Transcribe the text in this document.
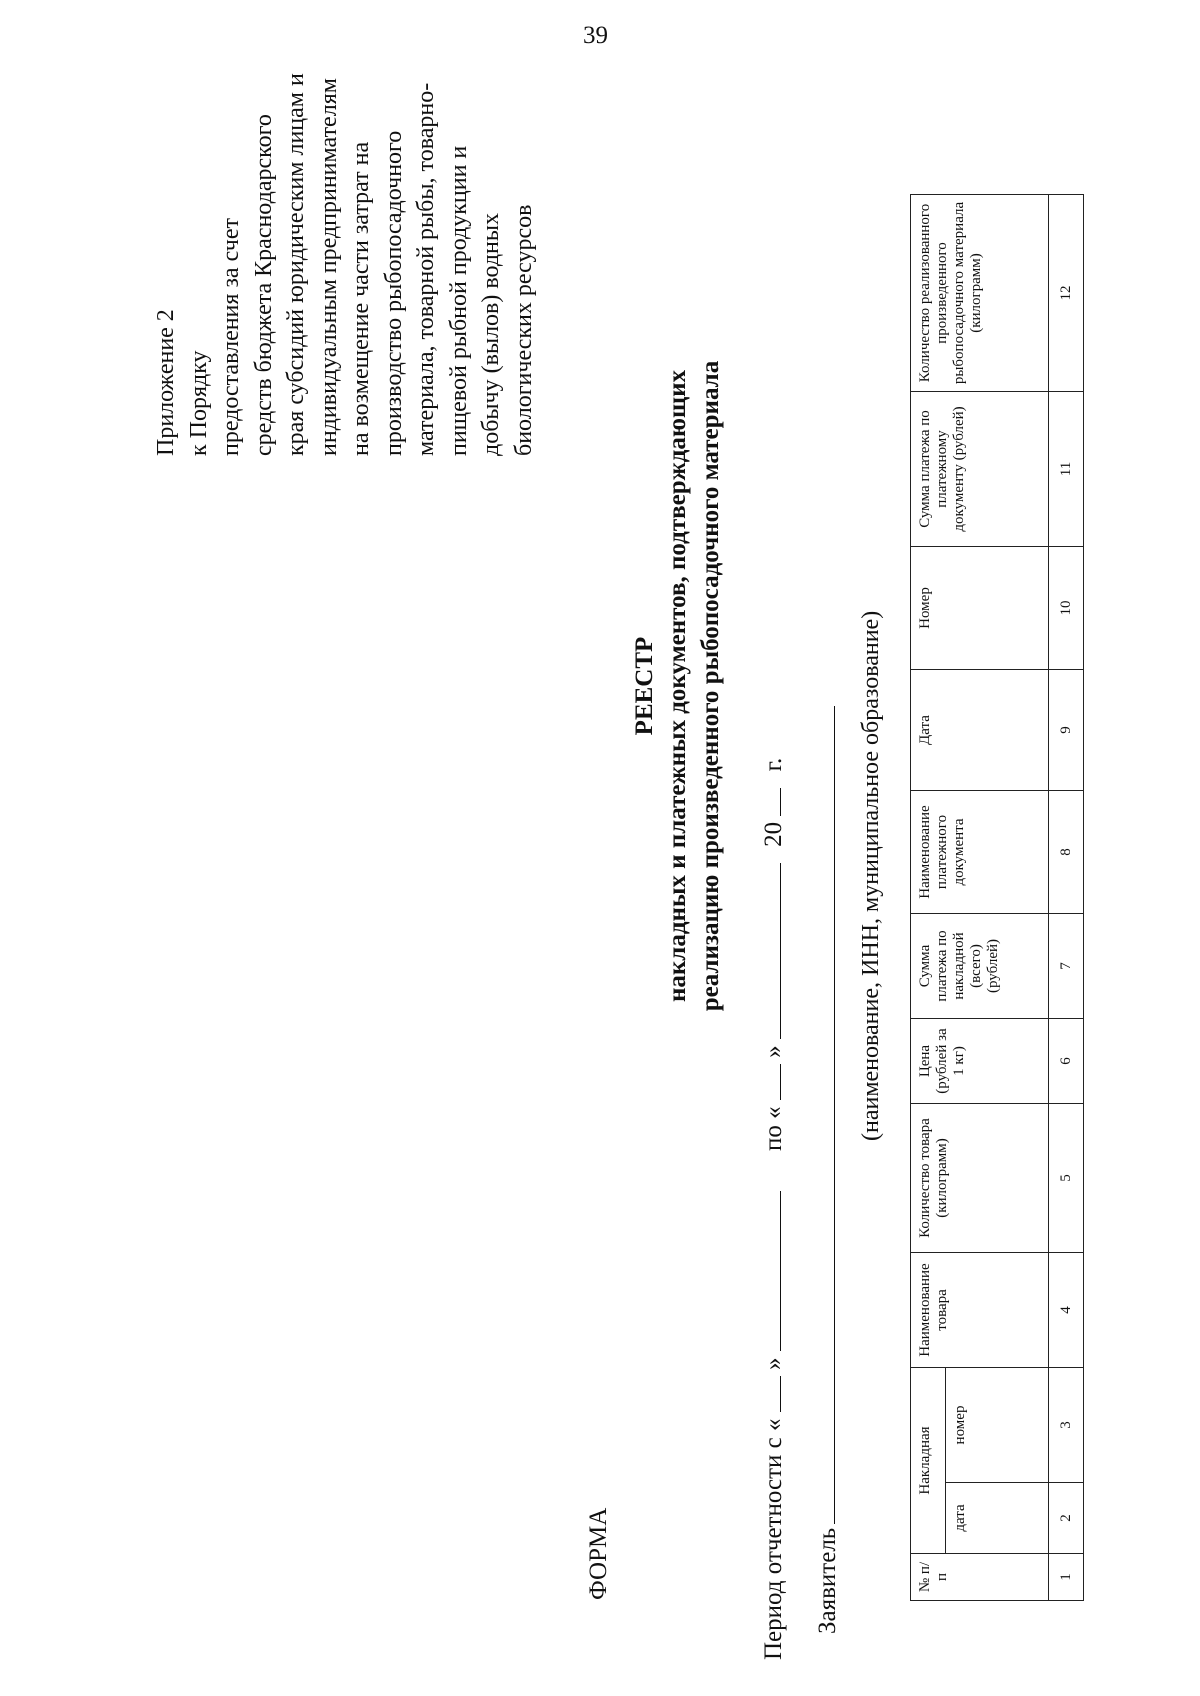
39
Приложение 2 к Порядку предоставления за счет средств бюджета Краснодарского края субсидий юридическим лицам и индивидуальным предпринимателям на возмещение части затрат на производство рыбопосадочного материала, товарной рыбы, товарно- пищевой рыбной продукции и добычу (вылов) водных биологических ресурсов
ФОРМА
РЕЕСТР накладных и платежных документов, подтверждающих реализацию произведенного рыбопосадочного материала
Период отчетности с «  »  по «  »  20  г.
Заявитель
(наименование, ИНН, муниципальное образование)
№ п/п	Накладная		Наименование товара	Количество товара (килограмм)	Цена (рублей за 1 кг)	Сумма платежа по накладной (всего) (рублей)	Наименование платежного документа	Дата	Номер	Сумма платежа по платежному документу (рублей)	Количество реализованного произведенного рыбопосадочного материала (килограмм)
	дата	номер									
1	2	3	4	5	6	7	8	9	10	11	12
